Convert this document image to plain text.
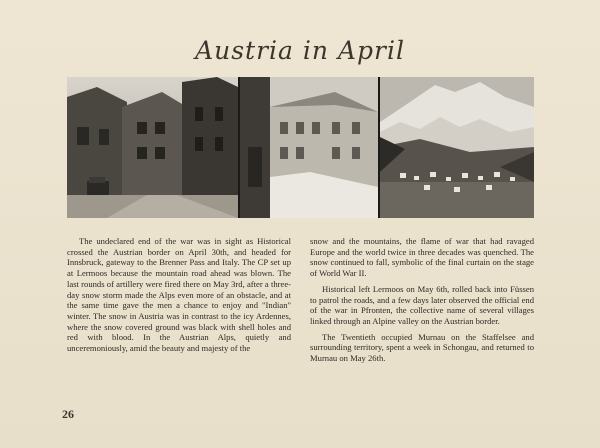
Austria in April

The undeclared end of the war was in sight as Historical crossed the Austrian border on April 30th, and headed for Innsbruck, gateway to the Brenner Pass and Italy. The CP set up at Lermoos because the mountain road ahead was blown. The last rounds of artillery were fired there on May 3rd, after a three-day snow storm made the Alps even more of an obstacle, and at the same time gave the men a chance to enjoy and "Indian" winter. The snow in Austria was in contrast to the icy Ardennes, where the snow covered ground was black with shell holes and red with blood. In the Austrian Alps, quietly and unceremoniously, amid the beauty and majesty of the

snow and the mountains, the flame of war that had ravaged Europe and the world twice in three decades was quenched. The snow continued to fall, symbolic of the final curtain on the stage of World War II.

Historical left Lermoos on May 6th, rolled back into Füssen to patrol the roads, and a few days later observed the official end of the war in Pfronten, the collective name of several villages linked through an Alpine valley on the Austrian border.

The Twentieth occupied Murnau on the Staffelsee and surrounding territory, spent a week in Schongau, and returned to Murnau on May 26th.

26
